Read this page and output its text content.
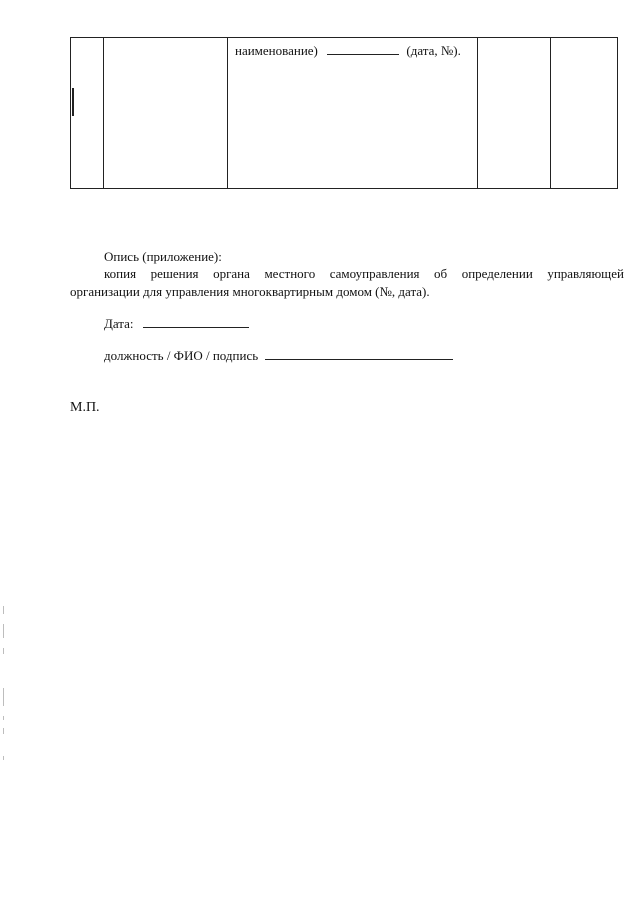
наименование)	(дата, №).
Опись (приложение):
копия решения органа местного самоуправления об определении управляющей
организации для управления многоквартирным домом (№, дата).
Дата:
должность / ФИО / подпись
М.П.
